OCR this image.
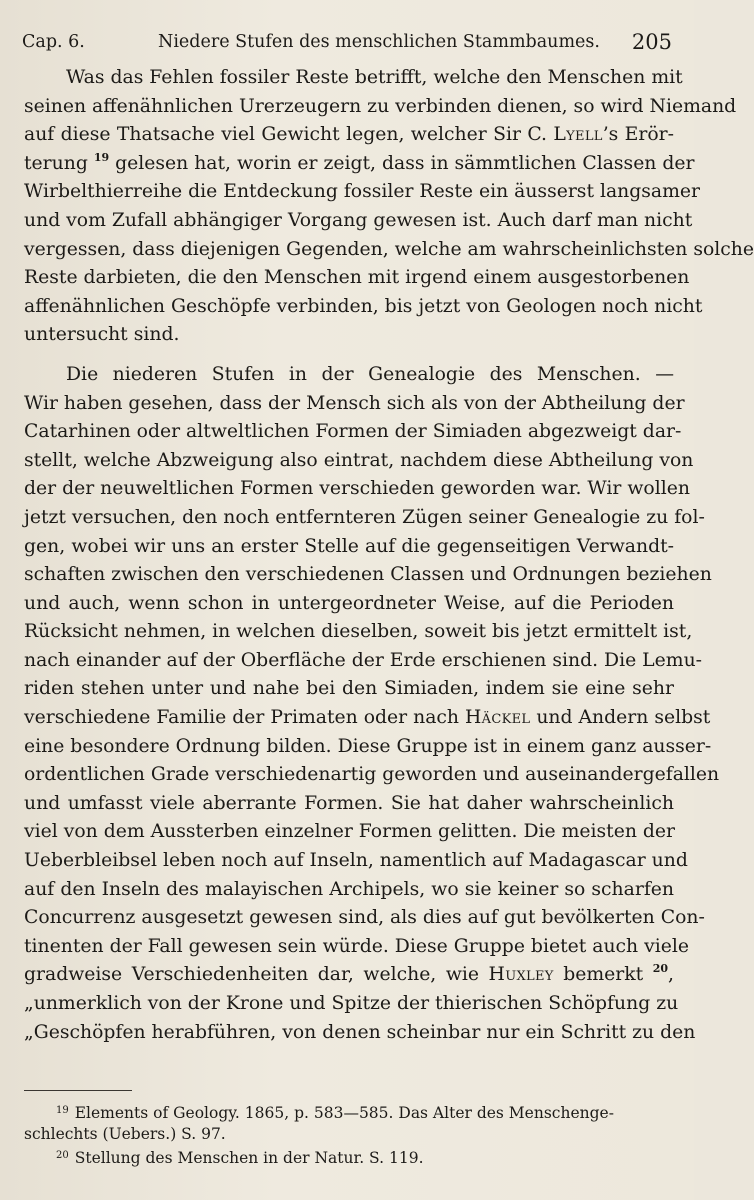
Cap. 6.	Niedere Stufen des menschlichen Stammbaumes. 205
Was das Fehlen fossiler Reste betrifft, welche den Menschen mit
seinen affenähnlichen Urerzeugern zu verbinden dienen, so wird Niemand
auf diese Thatsache viel Gewicht legen, welcher Sir C. Lyell’s Erör-
terung $^{19}$ gelesen hat, worin er zeigt, dass in sämmtlichen Classen der
Wirbelthierreihe die Entdeckung fossiler Reste ein äusserst langsamer
und vom Zufall abhängiger Vorgang gewesen ist. Auch darf man nicht
vergessen, dass diejenigen Gegenden, welche am wahrscheinlichsten solche
Reste darbieten, die den Menschen mit irgend einem ausgestorbenen
affenähnlichen Geschöpfe verbinden, bis jetzt von Geologen noch nicht
untersucht sind.
Die niederen Stufen in der Genealogie des Menschen. —
Wir haben gesehen, dass der Mensch sich als von der Abtheilung der
Catarhinen oder altweltlichen Formen der Simiaden abgezweigt dar-
stellt, welche Abzweigung also eintrat, nachdem diese Abtheilung von
der der neuweltlichen Formen verschieden geworden war. Wir wollen
jetzt versuchen, den noch entfernteren Zügen seiner Genealogie zu fol-
gen, wobei wir uns an erster Stelle auf die gegenseitigen Verwandt-
schaften zwischen den verschiedenen Classen und Ordnungen beziehen
und auch, wenn schon in untergeordneter Weise, auf die Perioden
Rücksicht nehmen, in welchen dieselben, soweit bis jetzt ermittelt ist,
nach einander auf der Oberfläche der Erde erschienen sind. Die Lemu-
riden stehen unter und nahe bei den Simiaden, indem sie eine sehr
verschiedene Familie der Primaten oder nach Häckel und Andern selbst
eine besondere Ordnung bilden. Diese Gruppe ist in einem ganz ausser-
ordentlichen Grade verschiedenartig geworden und auseinandergefallen
und umfasst viele aberrante Formen. Sie hat daher wahrscheinlich
viel von dem Aussterben einzelner Formen gelitten. Die meisten der
Ueberbleibsel leben noch auf Inseln, namentlich auf Madagascar und
auf den Inseln des malayischen Archipels, wo sie keiner so scharfen
Concurrenz ausgesetzt gewesen sind, als dies auf gut bevölkerten Con-
tinenten der Fall gewesen sein würde. Diese Gruppe bietet auch viele
gradweise Verschiedenheiten dar, welche, wie Huxley bemerkt $^{20}$,
„unmerklich von der Krone und Spitze der thierischen Schöpfung zu
„Geschöpfen herabführen, von denen scheinbar nur ein Schritt zu den
$^{19}$ Elements of Geology. 1865, p. 583—585. Das Alter des Menschenge-
schlechts (Uebers.) S. 97.
$^{20}$ Stellung des Menschen in der Natur. S. 119.
